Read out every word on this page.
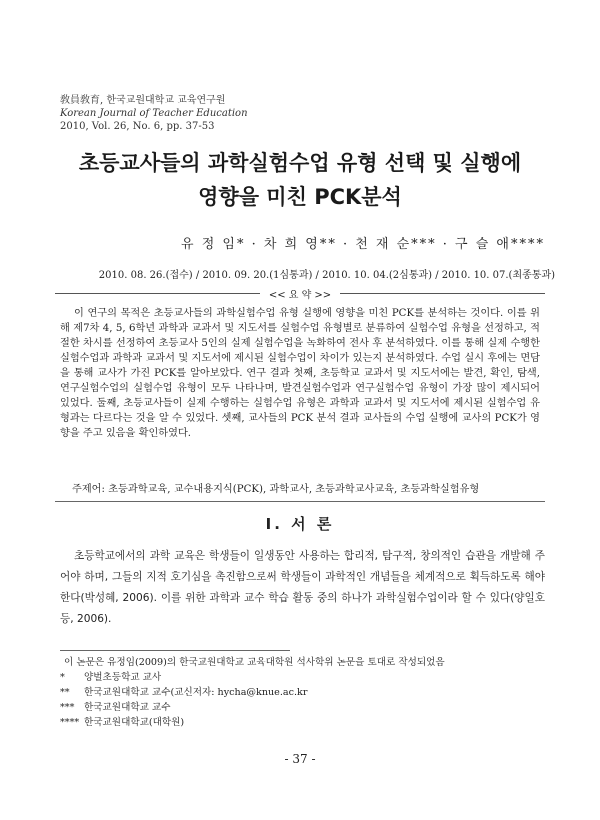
敎員敎育, 한국교원대학교 교육연구원
Korean Journal of Teacher Education
2010, Vol. 26, No. 6, pp. 37-53
초등교사들의 과학실험수업 유형 선택 및 실행에
영향을 미친 PCK분석
유 정 임* · 차 희 영** · 천 재 순*** · 구 슬 애****
2010. 08. 26.(접수) / 2010. 09. 20.(1심통과) / 2010. 10. 04.(2심통과) / 2010. 10. 07.(최종통과)
<< 요 약 >>
이 연구의 목적은 초등교사들의 과학실험수업 유형 실행에 영향을 미친 PCK를 분석하는 것이다. 이를 위해 제7차 4, 5, 6학년 과학과 교과서 및 지도서를 실험수업 유형별로 분류하여 실험수업 유형을 선정하고, 적절한 차시를 선정하여 초등교사 5인의 실제 실험수업을 녹화하여 전사 후 분석하였다. 이를 통해 실제 수행한 실험수업과 과학과 교과서 및 지도서에 제시된 실험수업이 차이가 있는지 분석하였다. 수업 실시 후에는 면담을 통해 교사가 가진 PCK를 알아보았다. 연구 결과 첫째, 초등학교 교과서 및 지도서에는 발견, 확인, 탐색, 연구실험수업의 실험수업 유형이 모두 나타나며, 발견실험수업과 연구실험수업 유형이 가장 많이 제시되어 있었다. 둘째, 초등교사들이 실제 수행하는 실험수업 유형은 과학과 교과서 및 지도서에 제시된 실험수업 유형과는 다르다는 것을 알 수 있었다. 셋째, 교사들의 PCK 분석 결과 교사들의 수업 실행에 교사의 PCK가 영향을 주고 있음을 확인하였다.
주제어: 초등과학교육, 교수내용지식(PCK), 과학교사, 초등과학교사교육, 초등과학실험유형
Ⅰ. 서 론
초등학교에서의 과학 교육은 학생들이 일생동안 사용하는 합리적, 탐구적, 창의적인 습관을 개발해 주어야 하며, 그들의 지적 호기심을 촉진함으로써 학생들이 과학적인 개념들을 체계적으로 획득하도록 해야 한다(박성혜, 2006). 이를 위한 과학과 교수 학습 활동 중의 하나가 과학실험수업이라 할 수 있다(양일호 등, 2006).
이 논문은 유정임(2009)의 한국교원대학교 교육대학원 석사학위 논문을 토대로 작성되었음
* 양벌초등학교 교사
** 한국교원대학교 교수(교신저자: hycha@knue.ac.kr
*** 한국교원대학교 교수
**** 한국교원대학교(대학원)
- 37 -
